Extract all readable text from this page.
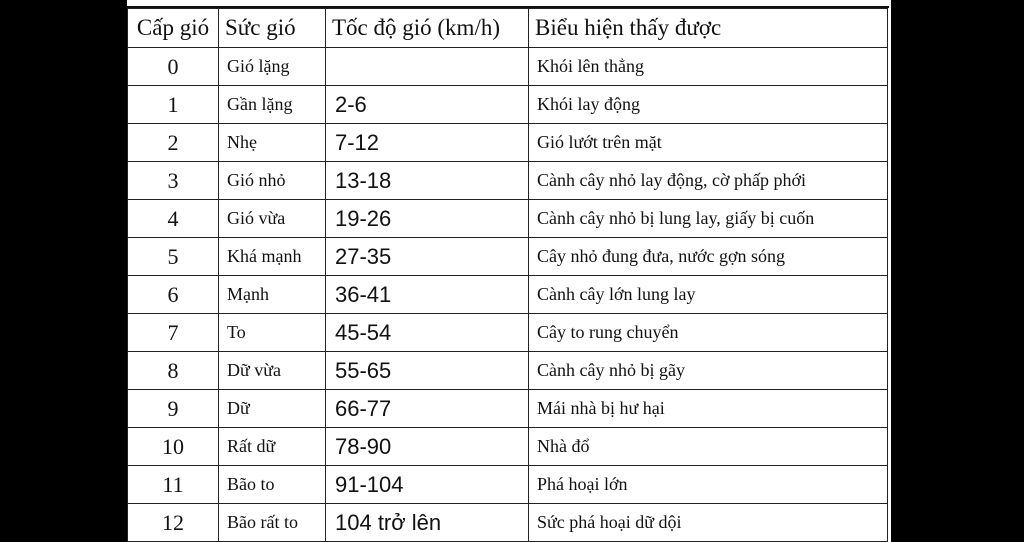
Cấp gió	Sức gió	Tốc độ gió (km/h)	Biểu hiện thấy được
0	Gió lặng		Khói lên thẳng
1	Gần lặng	2-6	Khói lay động
2	Nhẹ	7-12	Gió lướt trên mặt
3	Gió nhỏ	13-18	Cành cây nhỏ lay động, cờ phấp phới
4	Gió vừa	19-26	Cành cây nhỏ bị lung lay, giấy bị cuốn
5	Khá mạnh	27-35	Cây nhỏ đung đưa, nước gợn sóng
6	Mạnh	36-41	Cành cây lớn lung lay
7	To	45-54	Cây to rung chuyển
8	Dữ vừa	55-65	Cành cây nhỏ bị gãy
9	Dữ	66-77	Mái nhà bị hư hại
10	Rất dữ	78-90	Nhà đổ
11	Bão to	91-104	Phá hoại lớn
12	Bão rất to	104 trở lên	Sức phá hoại dữ dội
